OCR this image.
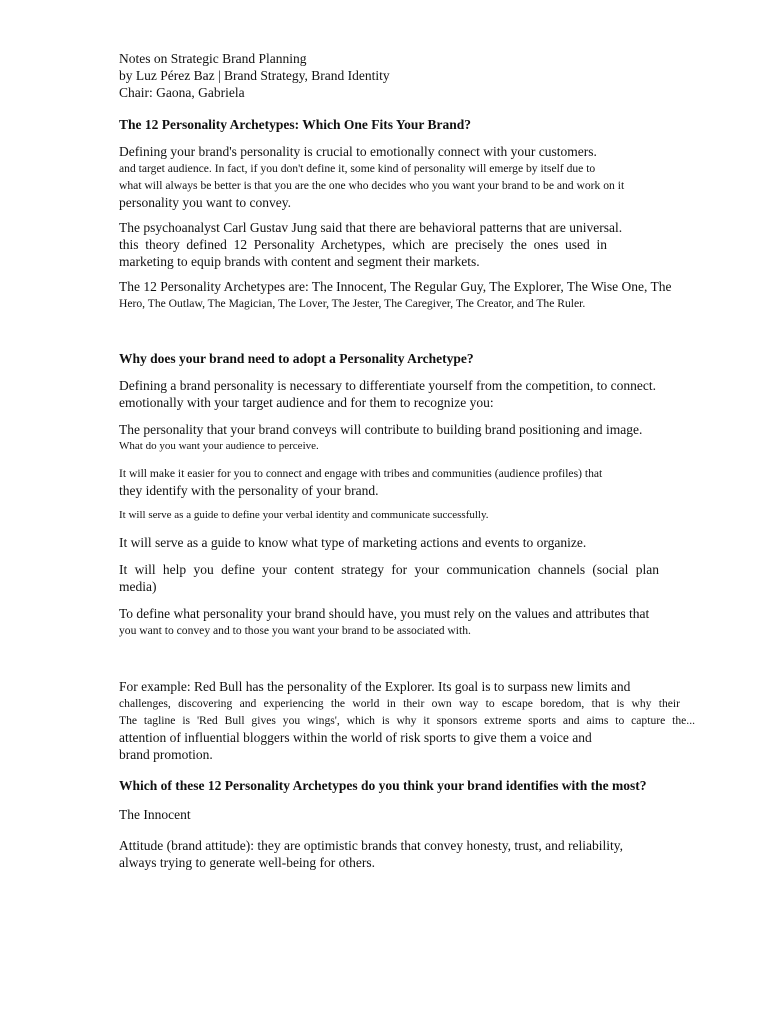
Notes on Strategic Brand Planning
by Luz Pérez Baz | Brand Strategy, Brand Identity
Chair: Gaona, Gabriela
The 12 Personality Archetypes: Which One Fits Your Brand?

Defining your brand's personality is crucial to emotionally connect with your customers.
and target audience. In fact, if you don't define it, some kind of personality will emerge by itself due to
what will always be better is that you are the one who decides who you want your brand to be and work on it
personality you want to convey.

The psychoanalyst Carl Gustav Jung said that there are behavioral patterns that are universal.
this theory defined 12 Personality Archetypes, which are precisely the ones used in
marketing to equip brands with content and segment their markets.

The 12 Personality Archetypes are: The Innocent, The Regular Guy, The Explorer, The Wise One, The
Hero, The Outlaw, The Magician, The Lover, The Jester, The Caregiver, The Creator, and The Ruler.

Why does your brand need to adopt a Personality Archetype?

Defining a brand personality is necessary to differentiate yourself from the competition, to connect.
emotionally with your target audience and for them to recognize you:

The personality that your brand conveys will contribute to building brand positioning and image.
What do you want your audience to perceive.

It will make it easier for you to connect and engage with tribes and communities (audience profiles) that
they identify with the personality of your brand.

It will serve as a guide to define your verbal identity and communicate successfully.

It will serve as a guide to know what type of marketing actions and events to organize.

It will help you define your content strategy for your communication channels (social plan
media)

To define what personality your brand should have, you must rely on the values and attributes that
you want to convey and to those you want your brand to be associated with.

For example: Red Bull has the personality of the Explorer. Its goal is to surpass new limits and
challenges, discovering and experiencing the world in their own way to escape boredom, that is why their
The tagline is 'Red Bull gives you wings', which is why it sponsors extreme sports and aims to capture the...
attention of influential bloggers within the world of risk sports to give them a voice and
brand promotion.

Which of these 12 Personality Archetypes do you think your brand identifies with the most?

The Innocent

Attitude (brand attitude): they are optimistic brands that convey honesty, trust, and reliability,
always trying to generate well-being for others.
